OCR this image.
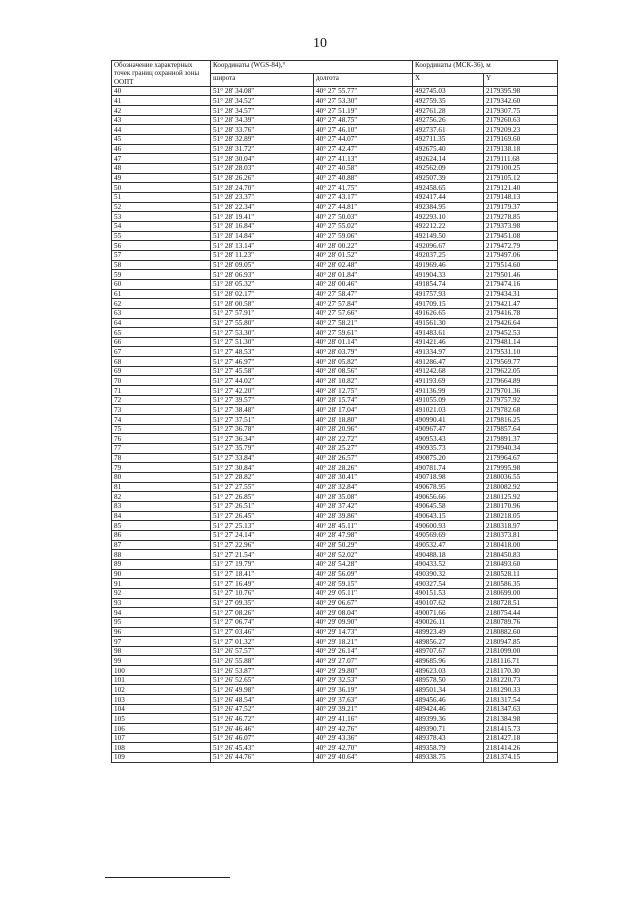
10
Обозначение характерных точек границ охранной зоны ООПТ	Координаты (WGS-84),°		Координаты (МСК-36), м	
	широта	долгота	X	Y
40	51° 28' 34.08"	40° 27' 55.77"	492745.03	2179395.98
41	51° 28' 34.52"	40° 27' 53.30"	492759.35	2179342.60
42	51° 28' 34.57"	40° 27' 51.19"	492761.28	2179307.75
43	51° 28' 34.39"	40° 27' 48.75"	492756.26	2179260.63
44	51° 28' 33.76"	40° 27' 46.10"	492737.61	2179209.23
45	51° 28' 32.89"	40° 27' 44.07"	492711.35	2179169.60
46	51° 28' 31.72"	40° 27' 42.47"	492675.40	2179138.18
47	51° 28' 30.04"	40° 27' 41.13"	492624.14	2179111.68
48	51° 28' 28.03"	40° 27' 40.58"	492562.09	2179100.25
49	51° 28' 26.26"	40° 27' 40.88"	492507.39	2179105.12
50	51° 28' 24.70"	40° 27' 41.75"	492458.65	2179121.40
51	51° 28' 23.37"	40° 27' 43.17"	492417.44	2179148.13
52	51° 28' 22.34"	40° 27' 44.81"	492384.95	2179179.37
53	51° 28' 19.41"	40° 27' 50.03"	492293.10	2179278.85
54	51° 28' 16.84"	40° 27' 55.02"	492212.22	2179373.98
55	51° 28' 14.84"	40° 27' 59.06"	492149.50	2179451.08
56	51° 28' 13.14"	40° 28' 00.22"	492096.67	2179472.79
57	51° 28' 11.23"	40° 28' 01.52"	492037.25	2179497.06
58	51° 28' 09.05"	40° 28' 02.48"	491969.46	2179514.60
59	51° 28' 06.93"	40° 28' 01.84"	491904.33	2179501.46
60	51° 28' 05.32"	40° 28' 00.46"	491854.74	2179474.16
61	51° 28' 02.17"	40° 27' 58.47"	491757.93	2179434.31
62	51° 28' 00.58"	40° 27' 57.84"	491709.15	2179421.47
63	51° 27' 57.91"	40° 27' 57.66"	491626.65	2179416.78
64	51° 27' 55.80"	40° 27' 58.21"	491561.30	2179426.64
65	51° 27' 53.30"	40° 27' 59.61"	491483.61	2179452.53
66	51° 27' 51.30"	40° 28' 01.14"	491421.46	2179481.14
67	51° 27' 48.53"	40° 28' 03.79"	491334.97	2179531.10
68	51° 27' 46.97"	40° 28' 05.82"	491286.47	2179569.77
69	51° 27' 45.58"	40° 28' 08.56"	491242.68	2179622.05
70	51° 27' 44.02"	40° 28' 10.82"	491193.69	2179664.89
71	51° 27' 42.20"	40° 28' 12.75"	491136.99	2179701.36
72	51° 27' 39.57"	40° 28' 15.74"	491055.09	2179757.92
73	51° 27' 38.48"	40° 28' 17.04"	491021.03	2179782.68
74	51° 27' 37.51"	40° 28' 18.80"	490990.41	2179816.25
75	51° 27' 36.78"	40° 28' 20.96"	490967.47	2179857.64
76	51° 27' 36.34"	40° 28' 22.72"	490953.43	2179891.37
77	51° 27' 35.79"	40° 28' 25.27"	490935.73	2179940.34
78	51° 27' 33.84"	40° 28' 26.57"	490875.20	2179964.67
79	51° 27' 30.84"	40° 28' 28.26"	490781.74	2179995.98
80	51° 27' 28.82"	40° 28' 30.41"	490718.98	2180036.55
81	51° 27' 27.55"	40° 28' 32.84"	490678.95	2180082.92
82	51° 27' 26.85"	40° 28' 35.08"	490656.66	2180125.92
83	51° 27' 26.51"	40° 28' 37.42"	490645.58	2180170.96
84	51° 27' 26.45"	40° 28' 39.86"	490643.15	2180218.05
85	51° 27' 25.13"	40° 28' 45.11"	490600.93	2180318.97
86	51° 27' 24.14"	40° 28' 47.98"	490569.69	2180373.81
87	51° 27' 22.96"	40° 28' 50.29"	490532.47	2180418.00
88	51° 27' 21.54"	40° 28' 52.02"	490488.18	2180450.83
89	51° 27' 19.79"	40° 28' 54.28"	490433.52	2180493.60
90	51° 27' 18.41"	40° 28' 56.09"	490390.32	2180528.11
91	51° 27' 16.49"	40° 28' 59.15"	490327.54	2180586.35
92	51° 27' 10.76"	40° 29' 05.11"	490151.53	2180699.00
93	51° 27' 09.35"	40° 29' 06.67"	490107.62	2180728.51
94	51° 27' 08.26"	40° 29' 08.04"	490071.66	2180754.44
95	51° 27' 06.74"	40° 29' 09.90"	490026.11	2180789.76
96	51° 27' 03.46"	40° 29' 14.73"	489923.49	2180882.60
97	51° 27' 01.32"	40° 29' 18.21"	489856.27	2180947.85
98	51° 26' 57.57"	40° 29' 26.14"	489707.67	2181099.00
99	51° 26' 55.88"	40° 29' 27.07"	489685.96	2181116.71
100	51° 26' 53.87"	40° 29' 29.80"	489623.03	2181170.30
101	51° 26' 52.65"	40° 29' 32.53"	489578.50	2181220.73
102	51° 26' 49.98"	40° 29' 36.19"	489501.34	2181290.33
103	51° 26' 48.54"	40° 29' 37.63"	489456.46	2181317.54
104	51° 26' 47.52"	40° 29' 39.21"	489424.46	2181347.63
105	51° 26' 46.72"	40° 29' 41.16"	489399.36	2181384.98
106	51° 26' 46.46"	40° 29' 42.76"	489390.71	2181415.73
107	51° 26' 46.07"	40° 29' 43.36"	489378.43	2181427.18
108	51° 26' 45.43"	40° 29' 42.70"	489358.79	2181414.26
109	51° 26' 44.76"	40° 29' 40.64"	489338.75	2181374.15
